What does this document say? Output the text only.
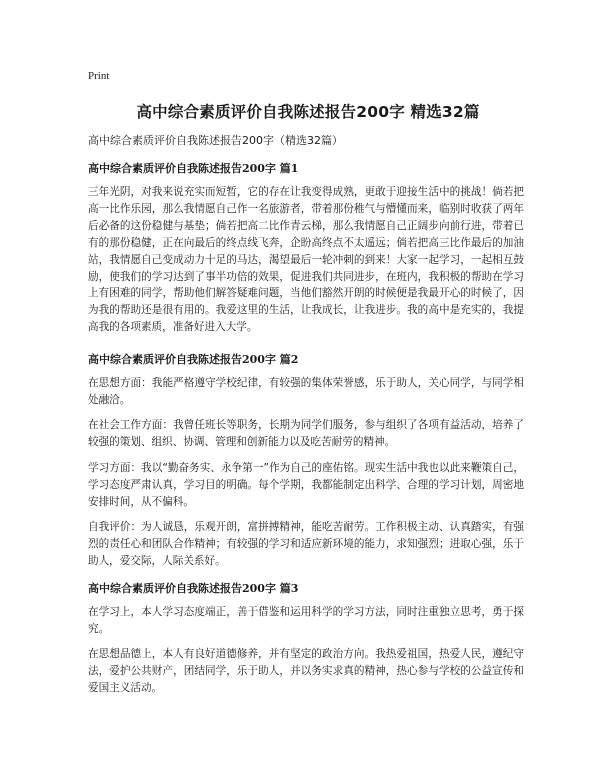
Print
高中综合素质评价自我陈述报告200字 精选32篇

高中综合素质评价自我陈述报告200字（精选32篇）

高中综合素质评价自我陈述报告200字 篇1

三年光阴，对我来说充实而短暂，它的存在让我变得成熟，更敢于迎接生活中的挑战！倘若把高一比作乐园，那么我情愿自己作一名旅游者，带着那份稚气与懵懂而来，临别时收获了两年后必备的这份稳健与基垫；倘若把高二比作青云梯，那么我情愿自己正阔步向前行进，带着已有的那份稳健，正在向最后的终点线飞奔，企盼高终点不太遥远；倘若把高三比作最后的加油站，我情愿自己变成动力十足的马达，渴望最后一轮冲刺的到来！大家一起学习，一起相互鼓励，使我们的学习达到了事半功倍的效果，促进我们共同进步，在班内，我积极的帮助在学习上有困难的同学，帮助他们解答疑难问题，当他们豁然开朗的时候便是我最开心的时候了，因为我的帮助还是很有用的。我爱这里的生活，让我成长，让我进步。我的高中是充实的，我提高我的各项素质，准备好进入大学。

高中综合素质评价自我陈述报告200字 篇2

在思想方面：我能严格遵守学校纪律，有较强的集体荣誉感，乐于助人，关心同学，与同学相处融洽。

在社会工作方面：我曾任班长等职务，长期为同学们服务，参与组织了各项有益活动，培养了较强的策划、组织、协调、管理和创新能力以及吃苦耐劳的精神。

学习方面：我以“勤奋务实、永争第一”作为自己的座佑铭。现实生活中我也以此来鞭策自己，学习态度严肃认真，学习目的明确。每个学期，我都能制定出科学、合理的学习计划，周密地安排时间，从不偏科。

自我评价：为人诚恳，乐观开朗，富拼搏精神，能吃苦耐劳。工作积极主动、认真踏实，有强烈的责任心和团队合作精神；有较强的学习和适应新环境的能力，求知强烈；进取心强，乐于助人，爱交际，人际关系好。

高中综合素质评价自我陈述报告200字 篇3

在学习上，本人学习态度端正，善于借鉴和运用科学的学习方法，同时注重独立思考，勇于探究。

在思想品德上，本人有良好道德修养，并有坚定的政治方向。我热爱祖国，热爱人民，遵纪守法，爱护公共财产，团结同学，乐于助人，并以务实求真的精神，热心参与学校的公益宣传和爱国主义活动。
